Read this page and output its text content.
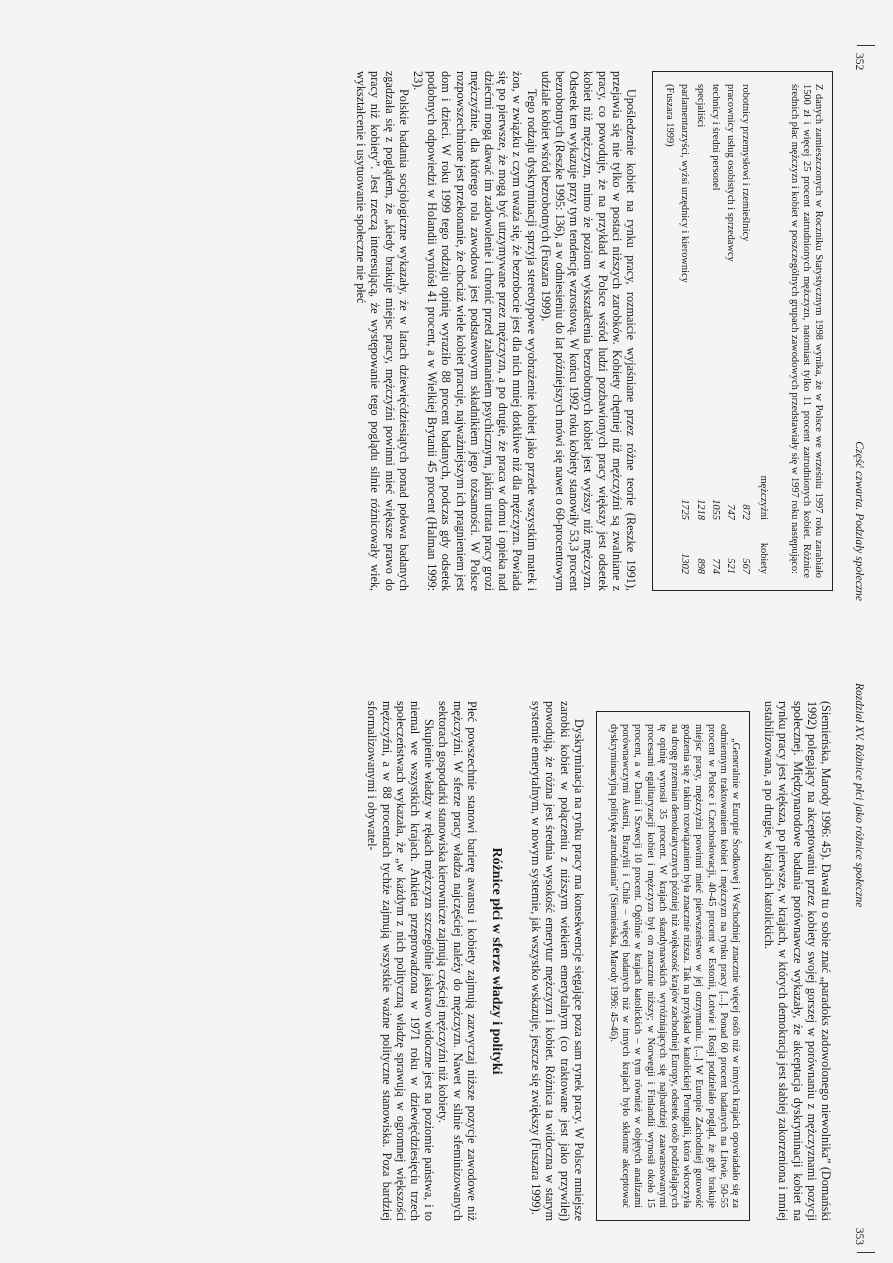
352
Część czwarta. Podziały społeczne

Z danych zamieszczonych w Roczniku Statystycznym 1998 wynika, że w Polsce we wrześniu 1997 roku zarabiało 1500 zł i więcej 25 procent zatrudnionych mężczyzn, natomiast tylko 11 procent zatrudnionych kobiet. Różnice średnich płac mężczyzn i kobiet w poszczególnych grupach zawodowych przedstawiały się w 1997 roku następująco:

	mężczyźni	kobiety
robotnicy przemysłowi i rzemieślnicy	872	567
pracownicy usług osobistych i sprzedawcy	747	521
technicy i średni personel	1055	774
specjaliści	1218	898
parlamentarzyści, wyżsi urzędnicy i kierownicy	1725	1302

(Fuszara 1999)

Upośledzenie kobiet na rynku pracy, rozmaicie wyjaśniane przez różne teorie (Reszke 1991), przejawia się nie tylko w postaci niższych zarobków. Kobiety chętniej niż mężczyźni są zwalniane z pracy, co powoduje, że na przykład w Polsce wśród ludzi pozbawionych pracy większy jest odsetek kobiet niż mężczyzn, mimo że poziom wykształcenia bezrobotnych kobiet jest wyższy niż mężczyzn. Odsetek ten wykazuje przy tym tendencję wzrostową. W końcu 1992 roku kobiety stanowiły 53,3 procent bezrobotnych (Reszke 1995: 136), a w odniesieniu do lat późniejszych mówi się nawet o 60-procentowym udziale kobiet wśród bezrobotnych (Fuszara 1999).

Tego rodzaju dyskryminacji sprzyja stereotypowe wyobrażenie kobiet jako przede wszystkim matek i żon, w związku z czym uważa się, że bezrobocie jest dla nich mniej dotkliwe niż dla mężczyzn. Powiada się po pierwsze, że mogą być utrzymywane przez mężczyzn, a po drugie, że praca w domu i opieka nad dziećmi mogą dawać im zadowolenie i chronić przed załamaniem psychicznym, jakim utrata pracy grozi mężczyźnie, dla którego rola zawodowa jest podstawowym składnikiem jego tożsamości. W Polsce rozpowszechnione jest przekonanie, że chociaż wiele kobiet pracuje, najważniejszym ich pragnieniem jest dom i dzieci. W roku 1999 tego rodzaju opinię wyraziło 88 procent badanych, podczas gdy odsetek podobnych odpowiedzi w Holandii wyniósł 41 procent, a w Wielkiej Brytanii 45 procent (Halman 1999: 23).

Polskie badania socjologiczne wykazały, że w latach dziewięćdziesiątych ponad połowa badanych zgadzała się z poglądem, że „kiedy brakuje miejsc pracy, mężczyźni powinni mieć większe prawo do pracy niż kobiety”. Jest rzeczą interesującą, że występowanie tego poglądu silnie różnicowały wiek, wykształcenie i usytuowanie społeczne nie płeć

Rozdział XV. Różnice płci jako różnice społeczne
353

(Siemieńska, Marody 1996: 45). Dawał tu o sobie znać „paradoks zadowolonego niewolnika” (Domański 1992) polegający na akceptowaniu przez kobiety swojej gorszej w porównaniu z mężczyznami pozycji społecznej. Międzynarodowe badania porównawcze wykazały, że akceptacja dyskryminacji kobiet na rynku pracy jest większa, po pierwsze, w krajach, w których demokracja jest słabiej zakorzeniona i mniej ustabilizowana, a po drugie, w krajach katolickich.

„Generalnie w Europie Środkowej i Wschodniej znacznie więcej osób niż w innych krajach opowiadało się za odmiennym traktowaniem kobiet i mężczyzn na rynku pracy [...]. Ponad 60 procent badanych na Litwie, 50-55 procent w Polsce i Czechosłowacji, 40-45 procent w Estonii, Łotwie i Rosji podzielało pogląd, że gdy brakuje miejsc pracy, mężczyźni powinni mieć pierwszeństwo w jej otrzymaniu. [...] W Europie Zachodniej gotowość godzenia się z takim rozwiązaniem była znacznie niższa. Tak na przykład w katolickiej Portugalii, która wkroczyła na drogę przemian demokratycznych później niż większość krajów zachodniej Europy, odsetek osób podzielających tę opinię wynosił 35 procent. W krajach skandynawskich wyróżniających się najbardziej zaawansowanymi procesami egalitaryzacji kobiet i mężczyzn był on znacznie niższy; w Norwegii i Finlandii wynosił około 15 procent, a w Danii i Szwecji 10 procent. Ogólnie w krajach katolickich – w tym również w objętych analizami porównawczymi Austrii, Brazylii i Chile – więcej badanych niż w innych krajach było skłonne akceptować dyskryminacyjną politykę zatrudniania” (Siemieńska, Marody 1996: 45-46).

Dyskryminacja na rynku pracy ma konsekwencje sięgające poza sam rynek pracy. W Polsce mniejsze zarobki kobiet w połączeniu z niższym wiekiem emerytalnym (co traktowane jest jako przywilej) powodują, że różna jest średnia wysokość emerytur mężczyzn i kobiet. Różnica ta widoczna w starym systemie emerytalnym, w nowym systemie, jak wszystko wskazuje, jeszcze się zwiększy (Fuszara 1999).

Różnice płci w sferze władzy i polityki

Płeć powszechnie stanowi barierę awansu i kobiety zajmują zazwyczaj niższe pozycje zawodowe niż mężczyźni. W sferze pracy władza najczęściej należy do mężczyzn. Nawet w silnie sfeminizowanych sektorach gospodarki stanowiska kierownicze zajmują częściej mężczyźni niż kobiety.

Skupienie władzy w rękach mężczyzn szczególnie jaskrawo widoczne jest na poziomie państwa, i to niemal we wszystkich krajach. Ankieta przeprowadzona w 1971 roku w dziewięćdziesięciu trzech społeczeństwach wykazała, że „w każdym z nich polityczną władzę sprawują w ogromnej większości mężczyźni, a w 88 procentach tychże zajmują wszystkie ważne polityczne stanowiska. Poza bardziej sformalizowanymi i obywatel-
